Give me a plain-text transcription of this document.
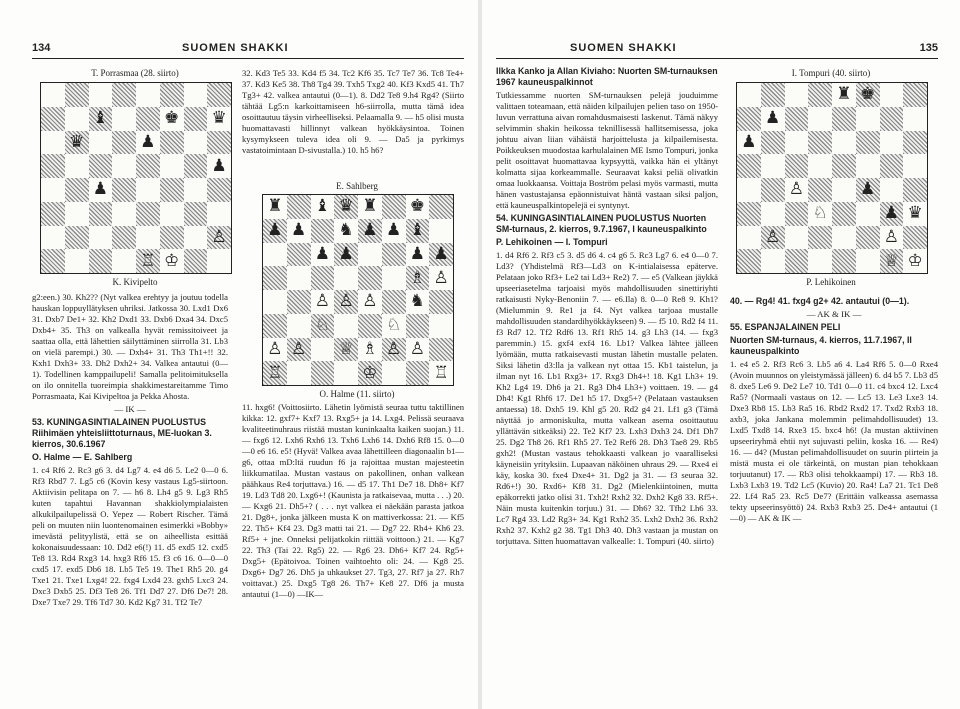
134	SUOMEN SHAKKI
T. Porrasmaa (28. siirto)
♝	♚ ♛
♛	♟
♟
♟
♙
♖ ♔
K. Kivipelto

g2:een.) 30. Kh2?? (Nyt valkea erehtyy ja joutuu todella hauskan loppuyllätyksen uhriksi. Jatkossa 30. Lxd1 Dx6 31. Dxb7 De1+ 32. Kh2 Dxd1 33. Dxb6 Dxa4 34. Dxc5 Dxb4+ 35. Th3 on valkealla hyvät remissitoiveet ja saattaa olla, että lähettien säilyttäminen siirrolla 31. Lb3 on vielä parempi.) 30. — Dxh4+ 31. Th3 Th1+!! 32. Kxh1 Dxh3+ 33. Dh2 Dxh2+ 34. Valkea antautui (0—1). Todellinen kamppailupeli! Samalla pelitoimituksella on ilo onnitella tuoreimpia shakkimestareitamme Timo Porrasmaata, Kai Kivipeltoa ja Pekka Ahosta.

— IK —

53. KUNINGASINTIALAINEN PUOLUSTUS Riihimäen yhteisliittoturnaus, ME-luokan 3. kierros, 30.6.1967

O. Halme — E. Sahlberg

1. c4 Rf6 2. Rc3 g6 3. d4 Lg7 4. e4 d6 5. Le2 0—0 6. Rf3 Rbd7 7. Lg5 c6 (Kovin kesy vastaus Lg5-siirtoon. Aktiivisin pelitapa on 7. — h6 8. Lh4 g5 9. Lg3 Rh5 kuten tapahtui Havannan shakkiolympialaisten alkukilpailupelissä O. Yepez — Robert Rischer. Tämä peli on muuten niin luontenomainen esimerkki »Bobby» imevästä pelityylistä, että se on aiheellista esittää kokonaisuudessaan: 10. Dd2 e6(!) 11. d5 exd5 12. cxd5 Te8 13. Rd4 Rxg3 14. hxg3 Rf6 15. f3 c6 16. 0—0—0 cxd5 17. exd5 Db6 18. Lb5 Te5 19. The1 Rh5 20. g4 Txe1 21. Txe1 Lxg4! 22. fxg4 Lxd4 23. gxh5 Lxc3 24. Dxc3 Dxb5 25. Df3 Te8 26. Tf1 Dd7 27. Df6 De7! 28. Dxe7 Txe7 29. Tf6 Td7 30. Kd2 Kg7 31. Tf2 Te7

32. Kd3 Te5 33. Kd4 f5 34. Tc2 Kf6 35. Tc7 Te7 36. Tc8 Te4+ 37. Kd3 Ke5 38. Th8 Tg4 39. Txh5 Txg2 40. Kf3 Kxd5 41. Th7 Tg3+ 42. valkea antautui (0—1). 8. Dd2 Te8 9.h4 Rg4? (Siirto tähtää Lg5:n karkoittamiseen h6-siirrolla, mutta tämä idea osoittautuu täysin virheelliseksi. Pelaamalla 9. — h5 olisi musta huomattavasti hillinnyt valkean hyökkäysintoa. Toinen kysymykseen tuleva idea oli 9. — Da5 ja pyrkimys vastatoimintaan D-sivustalla.) 10. h5 h6?

E. Sahlberg
♜ ♝ ♛ ♜ ♚
♟ ♟ ♞ ♟ ♟ ♝
♟ ♟	♟ ♟
♗ ♙
♙ ♙ ♙ ♞
♘	♘
♙ ♙ ♕ ♗ ♙ ♙
♖	♔	♖
O. Halme (11. siirto)

11. hxg6! (Voittosiirto. Lähetin lyömistä seuraa tuttu taktillinen kikka: 12. gxf7+ Kxf7 13. Rxg5+ ja 14. Lxg4. Pelissä seuraava kvaliteetinuhraus riistää mustan kuninkaalta kaiken suojan.) 11. — fxg6 12. Lxh6 Rxh6 13. Txh6 Lxh6 14. Dxh6 Rf8 15. 0—0—0 e6 16. e5! (Hyvä! Valkea avaa lähettilleen diagonaalin b1—g6, ottaa mD:ltä ruudun f6 ja rajoittaa mustan majesteetin liikkumatilaa. Mustan vastaus on pakollinen, onhan valkean päähkaus Re4 torjuttava.) 16. — d5 17. Th1 De7 18. Dh8+ Kf7 19. Ld3 Td8 20. Lxg6+! (Kaunista ja ratkaisevaa, mutta . . .) 20. — Kxg6 21. Dh5+? ( . . . nyt valkea ei näekään parasta jatkoa 21. Dg8+, jonka jälkeen musta K on mattiverkossa: 21. — Kf5 22. Th5+ Kf4 23. Dg3 matti tai 21. — Dg7 22. Rh4+ Kh6 23. Rf5+ + jne. Onneksi pelijatkokin riittää voittoon.) 21. — Kg7 22. Th3 (Tai 22. Rg5) 22. — Rg6 23. Dh6+ Kf7 24. Rg5+ Dxg5+ (Epätoivoa. Toinen vaihtoehto oli: 24. — Kg8 25. Dxg6+ Dg7 26. Dh5 ja uhkaukset 27. Tg3, 27. Rf7 ja 27. Rh7 voittavat.) 25. Dxg5 Tg8 26. Th7+ Ke8 27. Df6 ja musta antautui (1—0) —IK—

SUOMEN SHAKKI	135

Ilkka Kanko ja Allan Kiviaho: Nuorten SM-turnauksen 1967 kauneuspalkinnot

Tutkiessamme nuorten SM-turnauksen pelejä jouduimme valittaen toteamaan, että näiden kilpailujen pelien taso on 1950-luvun verrattuna aivan romahdusmaisesti laskenut. Tämä näkyy selvimmin shakin heikossa teknillisessä hallitsemisessa, joka johtuu aivan liian vähäistä harjoittelusta ja kilpailemisesta. Poikkeuksen muodostaa karhulalainen ME Ismo Tompuri, jonka pelit osoittavat huomattavaa kypsyyttä, vaikka hän ei yltänyt kolmatta sijaa korkeammalle. Seuraavat kaksi peliä olivatkin omaa luokkaansa. Voittaja Boström pelasi myös varmasti, mutta hänen vastustajansa epäonnistuivat häntä vastaan siksi paljon, että kauneuspalkintopelejä ei syntynyt.

54. KUNINGASINTIALAINEN PUOLUSTUS Nuorten SM-turnaus, 2. kierros, 9.7.1967, I kauneuspalkinto

P. Lehikoinen — I. Tompuri

1. d4 Rf6 2. Rf3 c5 3. d5 d6 4. c4 g6 5. Rc3 Lg7 6. e4 0—0 7. Ld3? (Yhdistelmä Rf3—Ld3 on K-intialaisessa epäterve. Pelataan joko Rf3+ Le2 tai Ld3+ Re2) 7. — e5 (Valkean jäykkä upseeriasetelma tarjoaisi myös mahdollisuuden sinettiriyhti ratkaisusti Nyky-Benoniin 7. — e6.Ila) 8. 0—0 Re8 9. Kh1? (Mielummin 9. Re1 ja f4. Nyt valkea tarjoaa mustalle mahdollisuuden standardihyökkäykseen) 9. — f5 10. Rd2 f4 11. f3 Rd7 12. Tf2 Rdf6 13. Rf1 Rh5 14. g3 Lh3 (14. — fxg3 paremmin.) 15. gxf4 exf4 16. Lb1? Valkea lähtee jälleen lyömään, mutta ratkaisevasti mustan lähetin mustalle pelaten. Siksi lähetin d3:lla ja valkean nyt ottaa 15. Kb1 taistelun, ja ilman nyt 16. Lb1 Rxg3+ 17. Rxg3 Dh4+! 18. Kg1 Lh3+ 19. Kh2 Lg4 19. Dh6 ja 21. Rg3 Dh4 Lh3+) voittaen. 19. — g4 Dh4! Kg1 Rhf6 17. De1 h5 17. Dxg5+? (Pelataan vastauksen antaessa) 18. Dxh5 19. Khl g5 20. Rd2 g4 21. Lf1 g3 (Tämä näyttää jo armoniskulta, mutta valkean asema osoittautuu yllättävän sitkeäksi) 22. Te2 Kf7 23. Lxh3 Dxh3 24. Df1 Dh7 25. Dg2 Th8 26. Rf1 Rh5 27. Te2 Ref6 28. Dh3 Tae8 29. Rb5 gxh2! (Mustan vastaus tehokkaasti valkean jo vaaralliseksi käyneisiin yrityksiin. Lupaavan näköinen uhraus 29. — Rxe4 ei käy, koska 30. fxe4 Dxe4+ 31. Dg2 ja 31. — f3 seuraa 32. Rd6+!) 30. Rxd6+ Kf8 31. Dg2 (Mielenkiintoinen, mutta epäkorrekti jatko olisi 31. Txh2! Rxh2 32. Dxh2 Kg8 33. Rf5+. Näin musta kuitenkin torjuu.) 31. — Dh6? 32. Tfh2 Lh6 33. Lc7 Rg4 33. Ld2 Rg3+ 34. Kg1 Rxh2 35. Lxh2 Dxh2 36. Rxh2 Rxh2 37. Kxh2 g2 38. Tg1 Dh3 40. Dh3 vastaan ja mustan on torjuttava. Sitten huomattavan valkealle: 1. Tompuri (40. siirto)

I. Tompuri (40. siirto)
♜ ♚
♟
♟
♙	♟
♘	♟ ♛
♙	♙
♕ ♔
P. Lehikoinen

40. — Rg4! 41. fxg4 g2+ 42. antautui (0—1).

— AK & IK —

55. ESPANJALAINEN PELI

Nuorten SM-turnaus, 4. kierros, 11.7.1967, II kauneuspalkinto

1. e4 e5 2. Rf3 Rc6 3. Lb5 a6 4. La4 Rf6 5. 0—0 Rxe4 (Avoin muunnos on yleistymässä jälleen) 6. d4 b5 7. Lb3 d5 8. dxe5 Le6 9. De2 Le7 10. Td1 0—0 11. c4 bxc4 12. Lxc4 Ra5? (Normaali vastaus on 12. — Lc5 13. Le3 Lxe3 14. Dxe3 Rb8 15. Lb3 Ra5 16. Rbd2 Rxd2 17. Txd2 Rxb3 18. axb3, joka Jankana molemmin pelimahdollisuudet) 13. Lxd5 Txd8 14. Rxe3 15. bxc4 h6! (Ja mustan aktiivinen upseeriryhmä ehtii nyt sujuvasti peliin, koska 16. — Re4) 16. — d4? (Mustan pelimahdollisuudet on suurin piirtein ja mistä musta ei ole tärkeintä, on mustan pian tehokkaan torjuutanut) 17. — Rb3 olisi tehokkaampi) 17. — Rb3 18. Lxb3 Lxb3 19. Td2 Lc5 (Kuvio) 20. Ra4! La7 21. Tc1 De8 22. Lf4 Ra5 23. Rc5 De7? (Erittäin valkeassa asemassa tekty upseerinsyöttö) 24. Rxb3 Rxb3 25. De4+ antautui (1—0) — AK & IK —
